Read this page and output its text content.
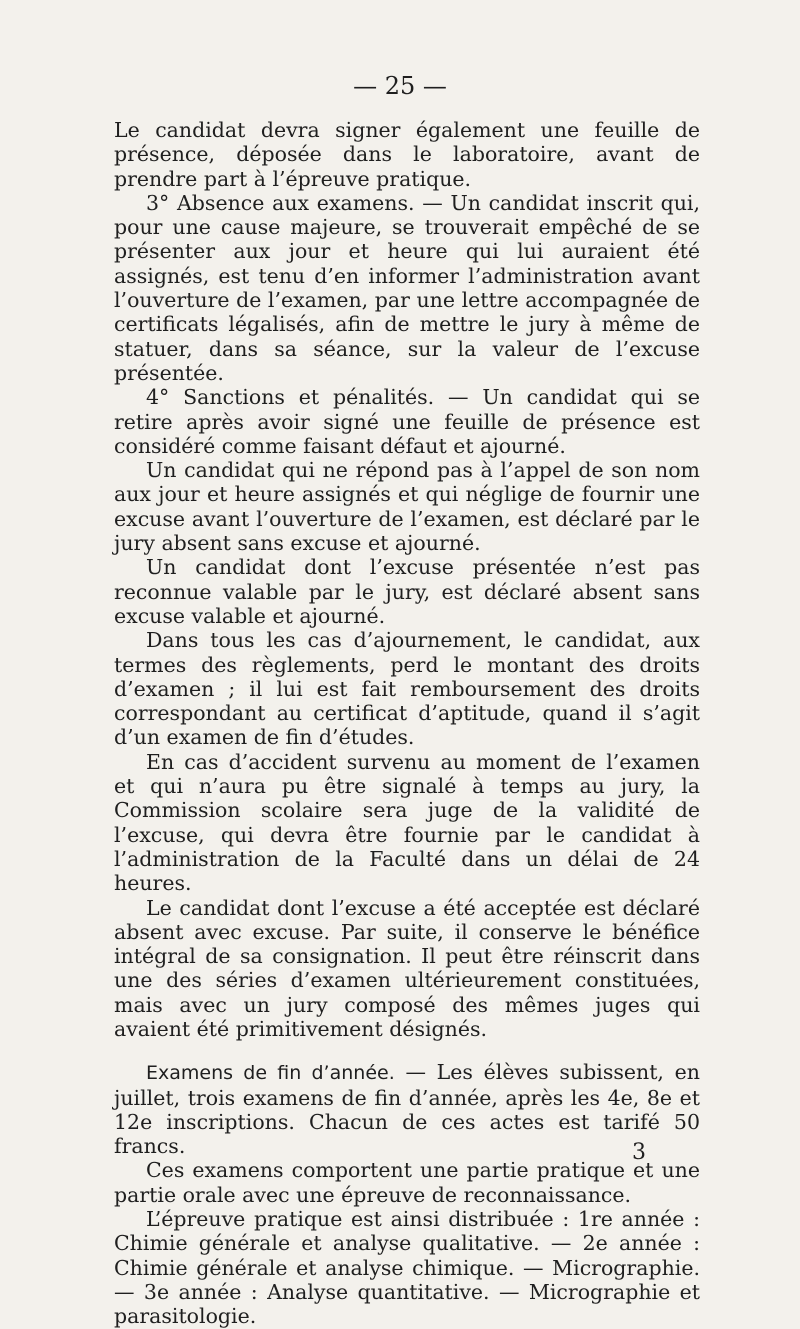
— 25 —

Le candidat devra signer également une feuille de présence, déposée dans le laboratoire, avant de prendre part à l’épreuve pratique.

3° Absence aux examens. — Un candidat inscrit qui, pour une cause majeure, se trouverait empêché de se présenter aux jour et heure qui lui auraient été assignés, est tenu d’en informer l’administration avant l’ouverture de l’examen, par une lettre accompagnée de certificats légalisés, afin de mettre le jury à même de statuer, dans sa séance, sur la valeur de l’excuse présentée.

4° Sanctions et pénalités. — Un candidat qui se retire après avoir signé une feuille de présence est considéré comme faisant défaut et ajourné.

Un candidat qui ne répond pas à l’appel de son nom aux jour et heure assignés et qui néglige de fournir une excuse avant l’ouverture de l’examen, est déclaré par le jury absent sans excuse et ajourné.

Un candidat dont l’excuse présentée n’est pas reconnue valable par le jury, est déclaré absent sans excuse valable et ajourné.

Dans tous les cas d’ajournement, le candidat, aux termes des règlements, perd le montant des droits d’examen ; il lui est fait remboursement des droits correspondant au certificat d’aptitude, quand il s’agit d’un examen de fin d’études.

En cas d’accident survenu au moment de l’examen et qui n’aura pu être signalé à temps au jury, la Commission scolaire sera juge de la validité de l’excuse, qui devra être fournie par le candidat à l’administration de la Faculté dans un délai de 24 heures.

Le candidat dont l’excuse a été acceptée est déclaré absent avec excuse. Par suite, il conserve le bénéfice intégral de sa consignation. Il peut être réinscrit dans une des séries d’examen ultérieurement constituées, mais avec un jury composé des mêmes juges qui avaient été primitivement désignés.

Examens de fin d’année. — Les élèves subissent, en juillet, trois examens de fin d’année, après les 4e, 8e et 12e inscriptions. Chacun de ces actes est tarifé 50 francs.

Ces examens comportent une partie pratique et une partie orale avec une épreuve de reconnaissance.

L’épreuve pratique est ainsi distribuée : 1re année : Chimie générale et analyse qualitative. — 2e année : Chimie générale et analyse chimique. — Micrographie. — 3e année : Analyse quantitative. — Micrographie et parasitologie.

3
